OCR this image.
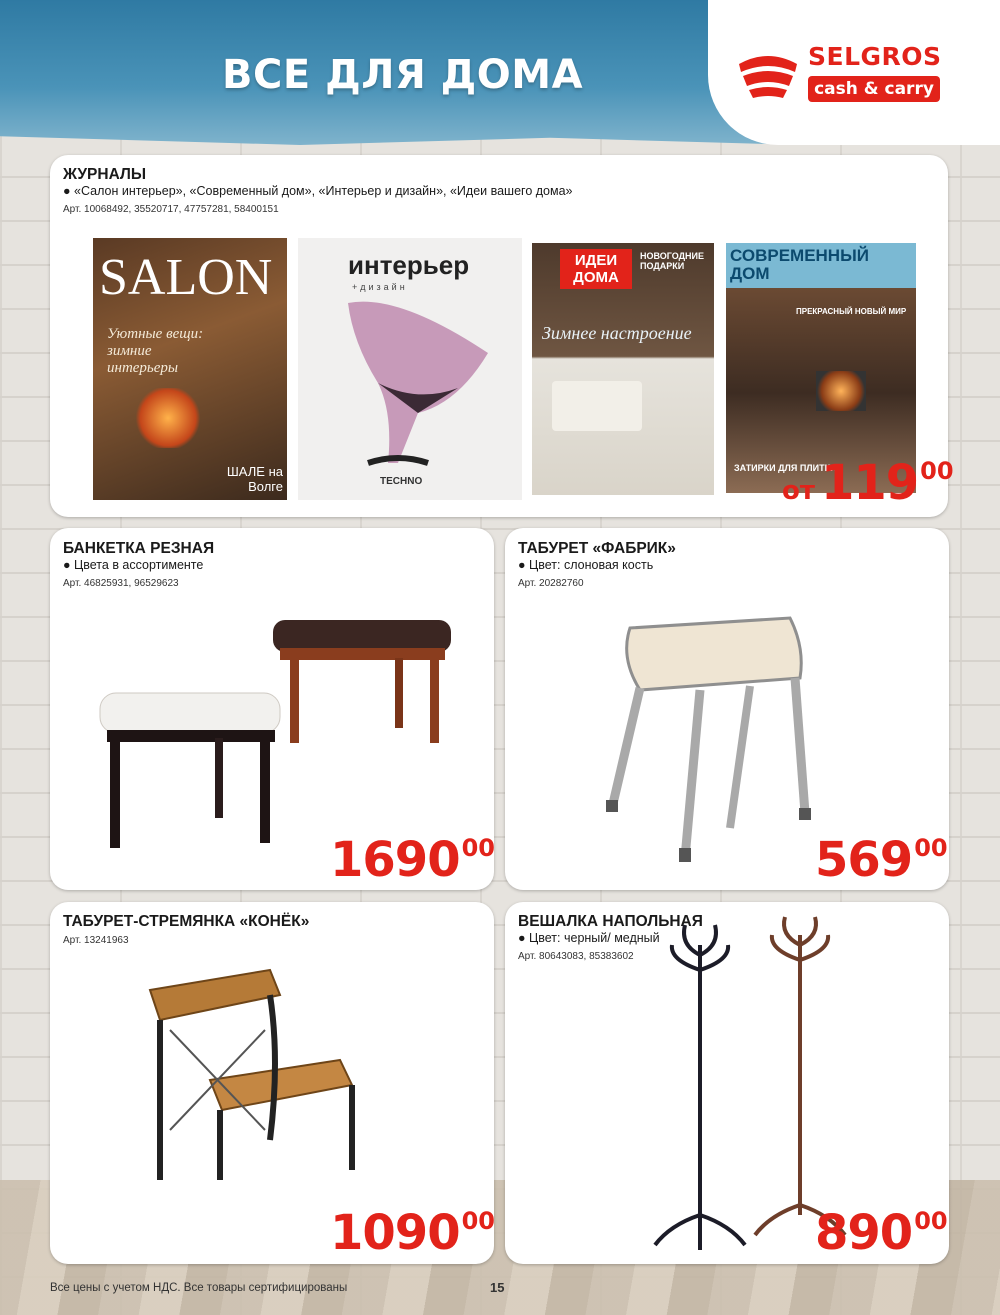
ВСЕ ДЛЯ ДОМА	SELGROS
cash & carry
ЖУРНАЛЫ
● «Салон интерьер», «Современный дом», «Интерьер и дизайн», «Идеи вашего дома»
Арт. 10068492, 35520717, 47757281, 58400151
SALON
Уютные вещи: зимние интерьеры
ШАЛЕ на Волге
интерьер
+дизайн
TECHNO
ИДЕИ ДОМА
Зимнее настроение
НОВОГОДНИЕ ПОДАРКИ
СОВРЕМЕННЫЙ ДОМ
ПРЕКРАСНЫЙ НОВЫЙ МИР
ЗАТИРКИ ДЛЯ ПЛИТКИ
от 11900
БАНКЕТКА РЕЗНАЯ
● Цвета в ассортименте
Арт. 46825931, 96529623
169000
ТАБУРЕТ «ФАБРИК»
● Цвет: слоновая кость
Арт. 20282760
56900
ТАБУРЕТ-СТРЕМЯНКА «КОНЁК»
Арт. 13241963
109000
ВЕШАЛКА НАПОЛЬНАЯ
● Цвет: черный/ медный
Арт. 80643083, 85383602
89000
Все цены с учетом НДС. Все товары сертифицированы	15
